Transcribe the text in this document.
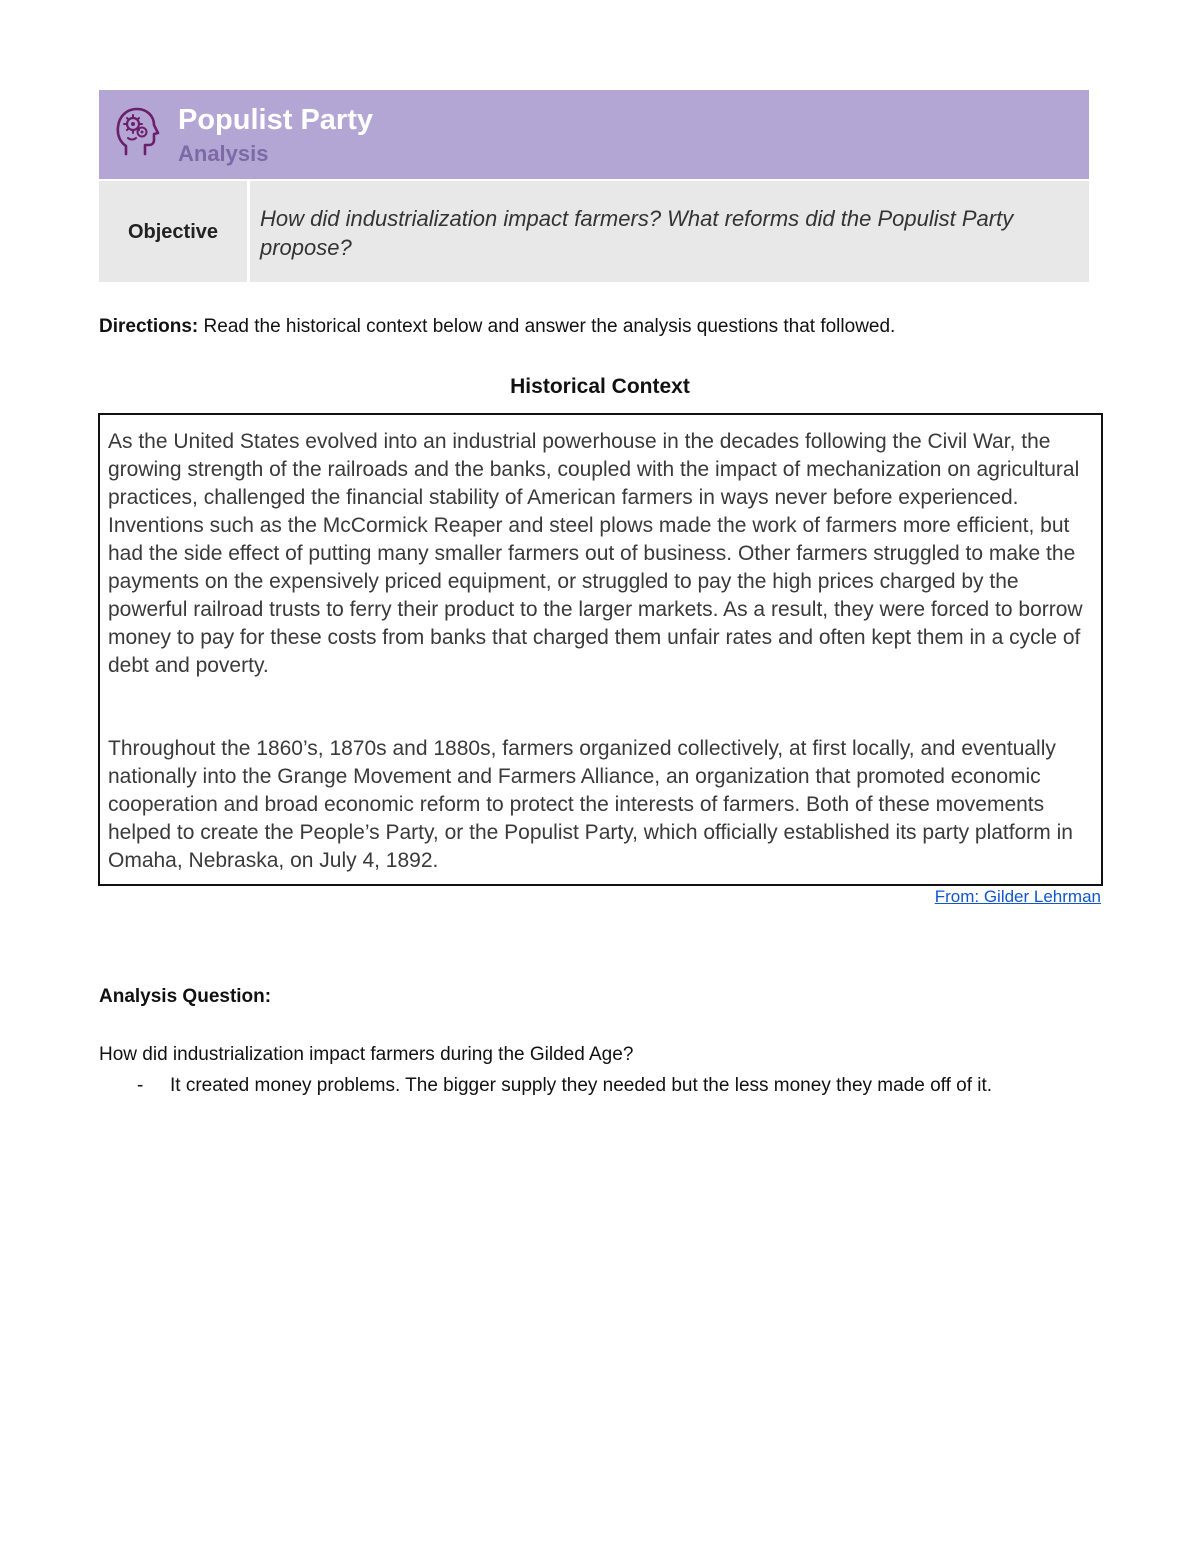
Populist Party
Analysis
Objective
How did industrialization impact farmers? What reforms did the Populist Party propose?
Directions: Read the historical context below and answer the analysis questions that followed.
Historical Context

As the United States evolved into an industrial powerhouse in the decades following the Civil War, the growing strength of the railroads and the banks, coupled with the impact of mechanization on agricultural practices, challenged the financial stability of American farmers in ways never before experienced. Inventions such as the McCormick Reaper and steel plows made the work of farmers more efficient, but had the side effect of putting many smaller farmers out of business. Other farmers struggled to make the payments on the expensively priced equipment, or struggled to pay the high prices charged by the powerful railroad trusts to ferry their product to the larger markets. As a result, they were forced to borrow money to pay for these costs from banks that charged them unfair rates and often kept them in a cycle of debt and poverty.

Throughout the 1860’s, 1870s and 1880s, farmers organized collectively, at first locally, and eventually nationally into the Grange Movement and Farmers Alliance, an organization that promoted economic cooperation and broad economic reform to protect the interests of farmers. Both of these movements helped to create the People’s Party, or the Populist Party, which officially established its party platform in Omaha, Nebraska, on July 4, 1892.

From: Gilder Lehrman
Analysis Question:
How did industrialization impact farmers during the Gilded Age?
- It created money problems. The bigger supply they needed but the less money they made off of it.
